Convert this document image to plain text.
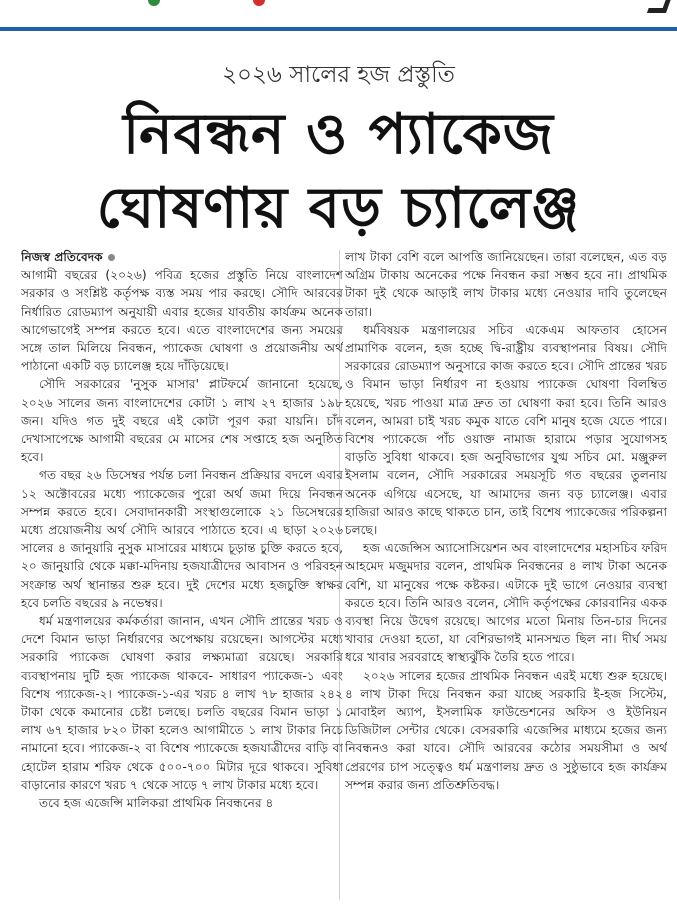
২০২৬ সালের হজ প্রস্তুতি
নিবন্ধন ও প্যাকেজ
ঘোষণায় বড় চ্যালেঞ্জ
নিজস্ব প্রতিবেদক

আগামী বছরের (২০২৬) পবিত্র হজের প্রস্তুতি নিয়ে বাংলাদেশ সরকার ও সংশ্লিষ্ট কর্তৃপক্ষ ব্যস্ত সময় পার করছে। সৌদি আরবের নির্ধারিত রোডম্যাপ অনুযায়ী এবার হজের যাবতীয় কার্যক্রম অনেক আগেভাগেই সম্পন্ন করতে হবে। এতে বাংলাদেশের জন্য সময়ের সঙ্গে তাল মিলিয়ে নিবন্ধন, প্যাকেজ ঘোষণা ও প্রয়োজনীয় অর্থ পাঠানো একটি বড় চ্যালেঞ্জ হয়ে দাঁড়িয়েছে।

সৌদি সরকারের 'নুসুক মাসার' প্লাটফর্মে জানানো হয়েছে, ২০২৬ সালের জন্য বাংলাদেশের কোটা ১ লাখ ২৭ হাজার ১৯৮ জন। যদিও গত দুই বছরে এই কোটা পূরণ করা যায়নি। চাঁদ দেখাসাপেক্ষে আগামী বছরের মে মাসের শেষ সপ্তাহে হজ অনুষ্ঠিত হবে।

গত বছর ২৬ ডিসেম্বর পর্যন্ত চলা নিবন্ধন প্রক্রিয়ার বদলে এবার ১২ অক্টোবরের মধ্যে প্যাকেজের পুরো অর্থ জমা দিয়ে নিবন্ধন সম্পন্ন করতে হবে। সেবাদানকারী সংস্থাগুলোকে ২১ ডিসেম্বরের মধ্যে প্রয়োজনীয় অর্থ সৌদি আরবে পাঠাতে হবে। এ ছাড়া ২০২৬ সালের ৪ জানুয়ারি নুসুক মাসারের মাধ্যমে চূড়ান্ত চুক্তি করতে হবে, ২০ জানুয়ারি থেকে মক্কা-মদিনায় হজযাত্রীদের আবাসন ও পরিবহন সংক্রান্ত অর্থ স্থানান্তর শুরু হবে। দুই দেশের মধ্যে হজচুক্তি স্বাক্ষর হবে চলতি বছরের ৯ নভেম্বর।

ধর্ম মন্ত্রণালয়ের কর্মকর্তারা জানান, এখন সৌদি প্রান্তের খরচ ও দেশে বিমান ভাড়া নির্ধারণের অপেক্ষায় রয়েছেন। আগস্টের মধ্যে সরকারি প্যাকেজ ঘোষণা করার লক্ষ্যমাত্রা রয়েছে। সরকারি ব্যবস্থাপনায় দুটি হজ প্যাকেজ থাকবে- সাধারণ প্যাকেজ-১ এবং বিশেষ প্যাকেজ-২। প্যাকেজ-১-এর খরচ ৪ লাখ ৭৮ হাজার ২৪২ টাকা থেকে কমানোর চেষ্টা চলছে। চলতি বছরের বিমান ভাড়া ১ লাখ ৬৭ হাজার ৮২০ টাকা হলেও আগামীতে ১ লাখ টাকার নিচে নামানো হবে। প্যাকেজ-২ বা বিশেষ প্যাকেজে হজযাত্রীদের বাড়ি বা হোটেল হারাম শরিফ থেকে ৫০০-৭০০ মিটার দূরে থাকবে। সুবিধা বাড়ানোর কারণে খরচ ৭ থেকে সাড়ে ৭ লাখ টাকার মধ্যে হবে।

তবে হজ এজেন্সি মালিকরা প্রাথমিক নিবন্ধনের ৪

লাখ টাকা বেশি বলে আপত্তি জানিয়েছেন। তারা বলেছেন, এত বড় অগ্রিম টাকায় অনেকের পক্ষে নিবন্ধন করা সম্ভব হবে না। প্রাথমিক টাকা দুই থেকে আড়াই লাখ টাকার মধ্যে নেওয়ার দাবি তুলেছেন তারা।

ধর্মবিষয়ক মন্ত্রণালয়ের সচিব একেএম আফতাব হোসেন প্রামাণিক বলেন, হজ হচ্ছে দ্বি-রাষ্ট্রীয় ব্যবস্থাপনার বিষয়। সৌদি সরকারের রোডম্যাপ অনুসারে কাজ করতে হবে। সৌদি প্রান্তের খরচ ও বিমান ভাড়া নির্ধারণ না হওয়ায় প্যাকেজ ঘোষণা বিলম্বিত হয়েছে, খরচ পাওয়া মাত্র দ্রুত তা ঘোষণা করা হবে। তিনি আরও বলেন, আমরা চাই খরচ কমুক যাতে বেশি মানুষ হজে যেতে পারে। বিশেষ প্যাকেজে পাঁচ ওয়াক্ত নামাজ হারামে পড়ার সুযোগসহ বাড়তি সুবিধা থাকবে। হজ অনুবিভাগের যুগ্ম সচিব মো. মঞ্জুরুল ইসলাম বলেন, সৌদি সরকারের সময়সূচি গত বছরের তুলনায় অনেক এগিয়ে এসেছে, যা আমাদের জন্য বড় চ্যালেঞ্জ। এবার হাজিরা আরও কাছে থাকতে চান, তাই বিশেষ প্যাকেজের পরিকল্পনা চলছে।

হজ এজেন্সিস অ্যাসোসিয়েশন অব বাংলাদেশের মহাসচিব ফরিদ আহমেদ মজুমদার বলেন, প্রাথমিক নিবন্ধনের ৪ লাখ টাকা অনেক বেশি, যা মানুষের পক্ষে কষ্টকর। এটাকে দুই ভাগে নেওয়ার ব্যবস্থা করতে হবে। তিনি আরও বলেন, সৌদি কর্তৃপক্ষের কোরবানির একক ব্যবস্থা নিয়ে উদ্বেগ রয়েছে। আগের মতো মিনায় তিন-চার দিনের খাবার দেওয়া হতো, যা বেশিরভাগই মানসম্মত ছিল না। দীর্ঘ সময় ধরে খাবার সরবরাহে স্বাস্থ্যঝুঁকি তৈরি হতে পারে।

২০২৬ সালের হজের প্রাথমিক নিবন্ধন এরই মধ্যে শুরু হয়েছে। ৪ লাখ টাকা দিয়ে নিবন্ধন করা যাচ্ছে সরকারি ই-হজ সিস্টেম, মোবাইল অ্যাপ, ইসলামিক ফাউন্ডেশনের অফিস ও ইউনিয়ন ডিজিটাল সেন্টার থেকে। বেসরকারি এজেন্সির মাধ্যমে হজের জন্য নিবন্ধনও করা যাবে। সৌদি আরবের কঠোর সময়সীমা ও অর্থ প্রেরণের চাপ সত্ত্বেও ধর্ম মন্ত্রণালয় দ্রুত ও সুষ্ঠুভাবে হজ কার্যক্রম সম্পন্ন করার জন্য প্রতিশ্রুতিবদ্ধ।
